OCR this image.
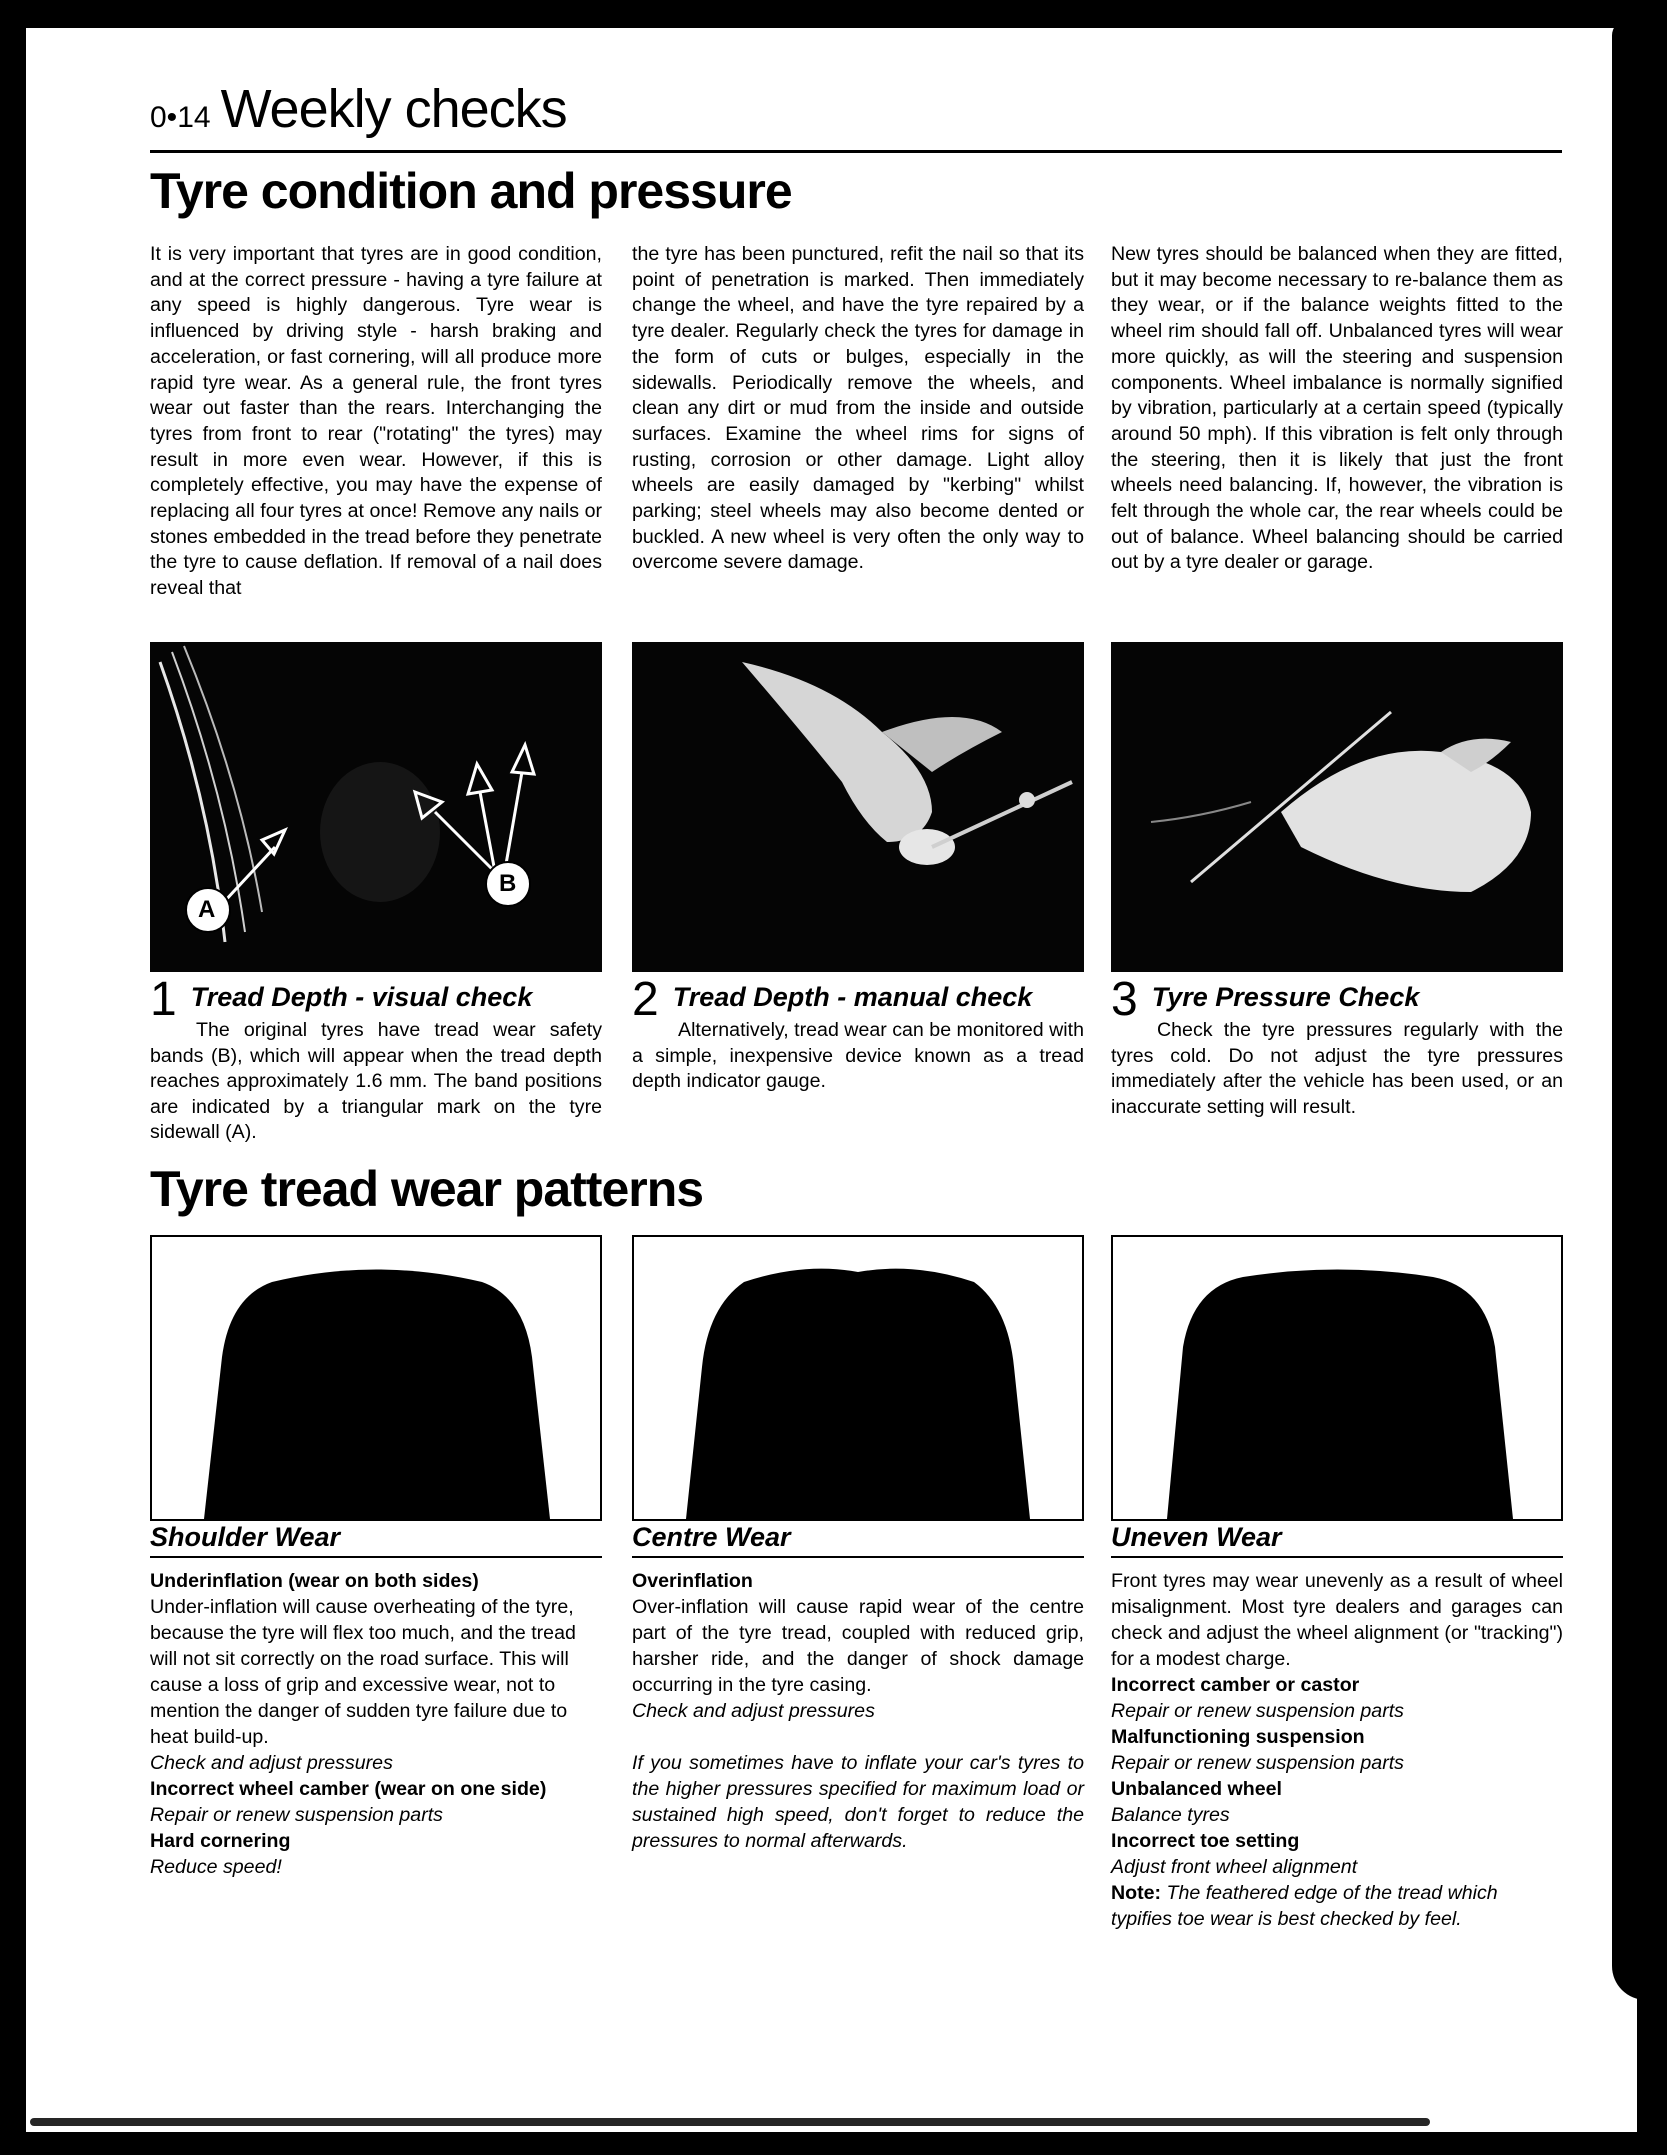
0•14 Weekly checks
Tyre condition and pressure

It is very important that tyres are in good condition, and at the correct pressure - having a tyre failure at any speed is highly dangerous. Tyre wear is influenced by driving style - harsh braking and acceleration, or fast cornering, will all produce more rapid tyre wear. As a general rule, the front tyres wear out faster than the rears. Interchanging the tyres from front to rear ("rotating" the tyres) may result in more even wear. However, if this is completely effective, you may have the expense of replacing all four tyres at once! Remove any nails or stones embedded in the tread before they penetrate the tyre to cause deflation. If removal of a nail does reveal that

the tyre has been punctured, refit the nail so that its point of penetration is marked. Then immediately change the wheel, and have the tyre repaired by a tyre dealer. Regularly check the tyres for damage in the form of cuts or bulges, especially in the sidewalls. Periodically remove the wheels, and clean any dirt or mud from the inside and outside surfaces. Examine the wheel rims for signs of rusting, corrosion or other damage. Light alloy wheels are easily damaged by "kerbing" whilst parking; steel wheels may also become dented or buckled. A new wheel is very often the only way to overcome severe damage.

New tyres should be balanced when they are fitted, but it may become necessary to re-balance them as they wear, or if the balance weights fitted to the wheel rim should fall off. Unbalanced tyres will wear more quickly, as will the steering and suspension components. Wheel imbalance is normally signified by vibration, particularly at a certain speed (typically around 50 mph). If this vibration is felt only through the steering, then it is likely that just the front wheels need balancing. If, however, the vibration is felt through the whole car, the rear wheels could be out of balance. Wheel balancing should be carried out by a tyre dealer or garage.

A
B
1 Tread Depth - visual check

The original tyres have tread wear safety bands (B), which will appear when the tread depth reaches approximately 1.6 mm. The band positions are indicated by a triangular mark on the tyre sidewall (A).

2 Tread Depth - manual check

Alternatively, tread wear can be monitored with a simple, inexpensive device known as a tread depth indicator gauge.

3 Tyre Pressure Check

Check the tyre pressures regularly with the tyres cold. Do not adjust the tyre pressures immediately after the vehicle has been used, or an inaccurate setting will result.

Tyre tread wear patterns
Shoulder Wear	Centre Wear	Uneven Wear
Underinflation (wear on both sides)
Under-inflation will cause overheating of the tyre, because the tyre will flex too much, and the tread will not sit correctly on the road surface. This will cause a loss of grip and excessive wear, not to mention the danger of sudden tyre failure due to heat build-up.
Check and adjust pressures
Incorrect wheel camber (wear on one side)
Repair or renew suspension parts
Hard cornering
Reduce speed!
Overinflation
Over-inflation will cause rapid wear of the centre part of the tyre tread, coupled with reduced grip, harsher ride, and the danger of shock damage occurring in the tyre casing.
Check and adjust pressures
If you sometimes have to inflate your car's tyres to the higher pressures specified for maximum load or sustained high speed, don't forget to reduce the pressures to normal afterwards.
Front tyres may wear unevenly as a result of wheel misalignment. Most tyre dealers and garages can check and adjust the wheel alignment (or "tracking") for a modest charge.
Incorrect camber or castor
Repair or renew suspension parts
Malfunctioning suspension
Repair or renew suspension parts
Unbalanced wheel
Balance tyres
Incorrect toe setting
Adjust front wheel alignment
Note: The feathered edge of the tread which typifies toe wear is best checked by feel.
